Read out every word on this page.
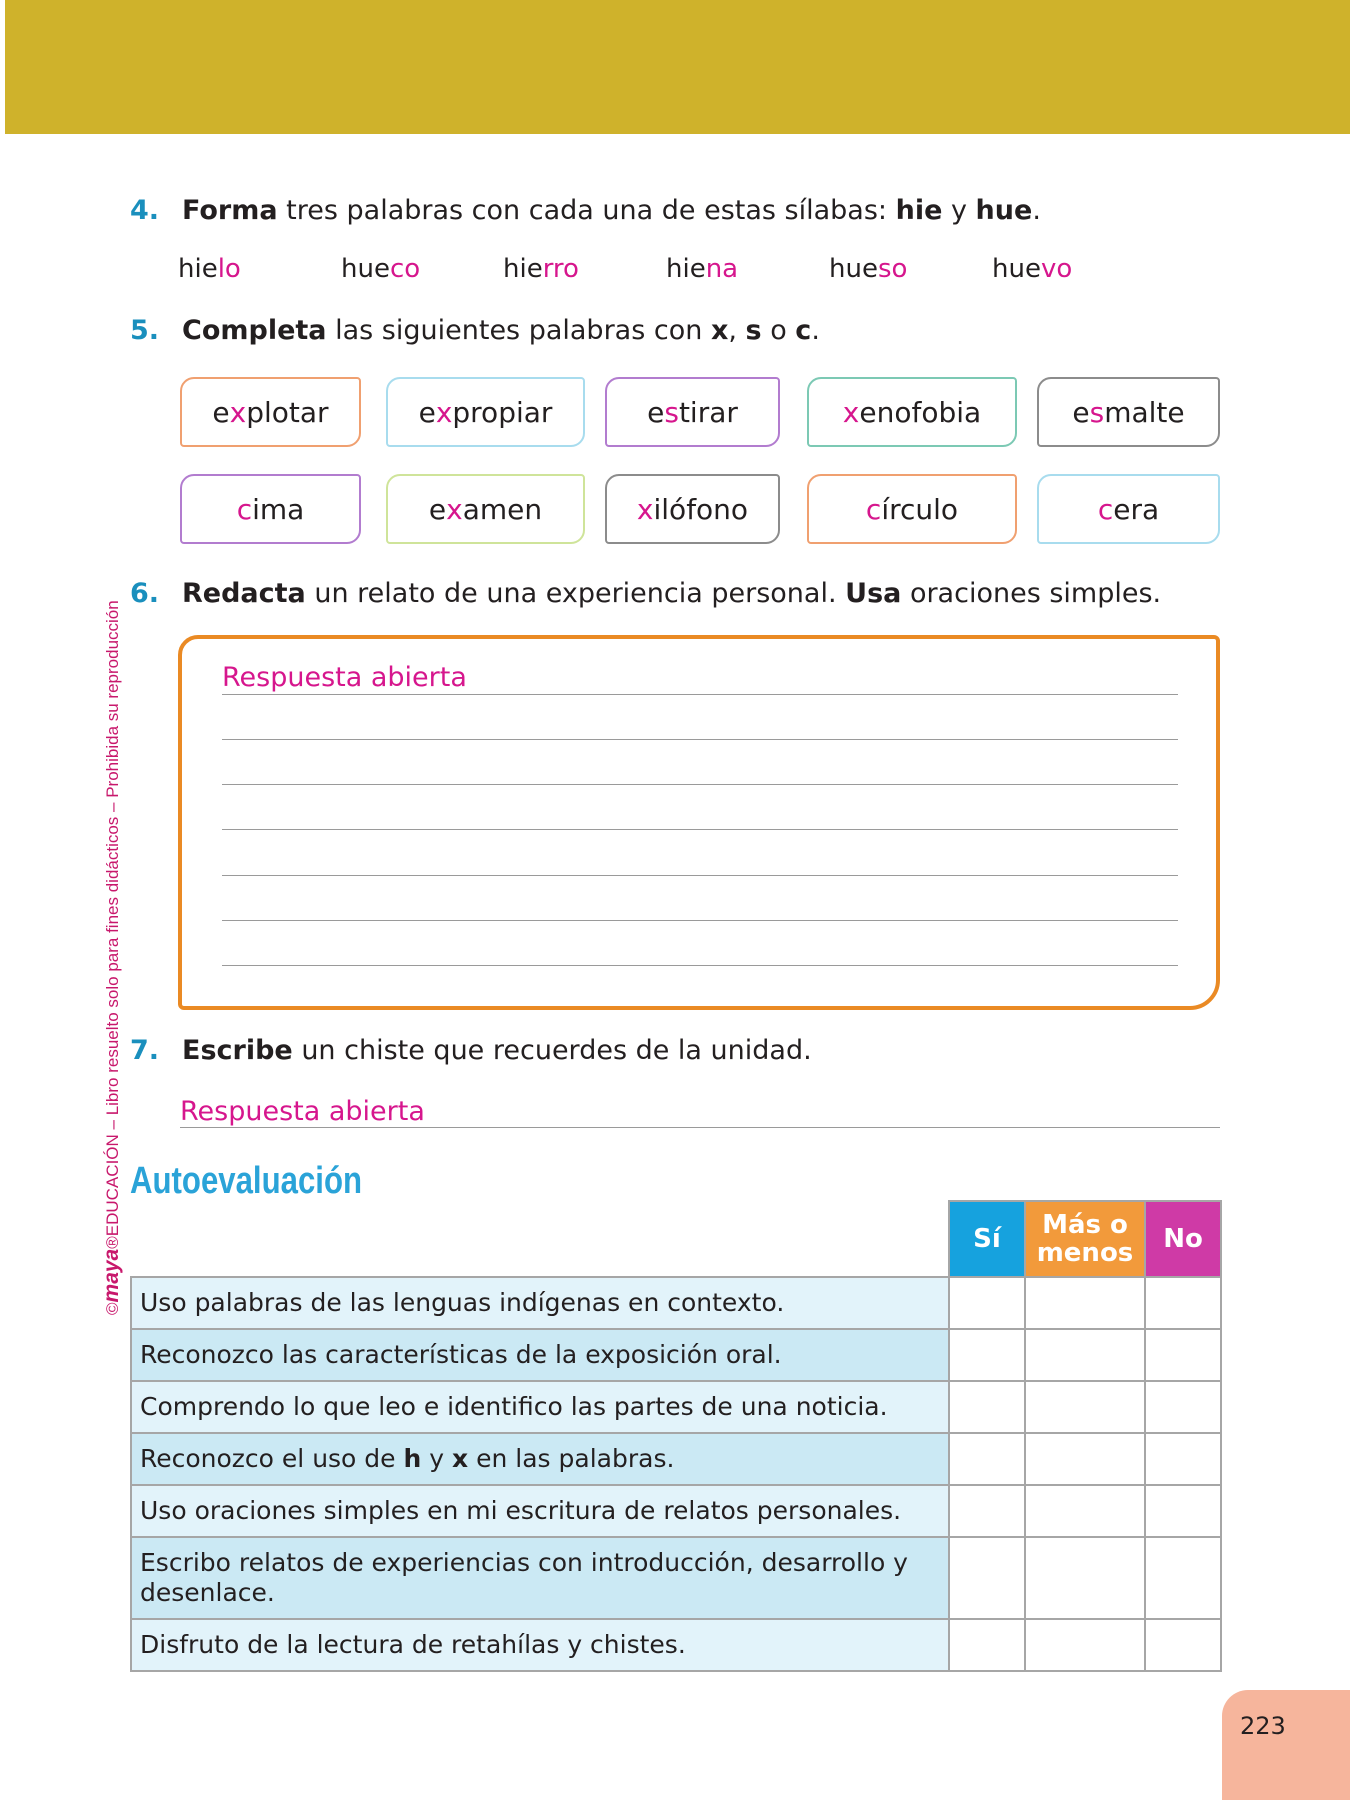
©maya®EDUCACIÓN – Libro resuelto solo para fines didácticos – Prohibida su reproducción
4. Forma tres palabras con cada una de estas sílabas: hie y hue.
hielo	hueco	hierro	hiena	hueso	huevo
5. Completa las siguientes palabras con x, s o c.
e x plotar	e x propiar	e s tirar	x enofobia	e s malte
c ima	e x amen	x ilófono	c írculo	c era
6. Redacta un relato de una experiencia personal. Usa oraciones simples.
Respuesta abierta
7. Escribe un chiste que recuerdes de la unidad.
Respuesta abierta
Autoevaluación
	Sí	Más o menos	No
Uso palabras de las lenguas indígenas en contexto.			
Reconozco las características de la exposición oral.			
Comprendo lo que leo e identifico las partes de una noticia.			
Reconozco el uso de h y x en las palabras.			
Uso oraciones simples en mi escritura de relatos personales.			
Escribo relatos de experiencias con introducción, desarrollo y desenlace.			
Disfruto de la lectura de retahílas y chistes.			
223
